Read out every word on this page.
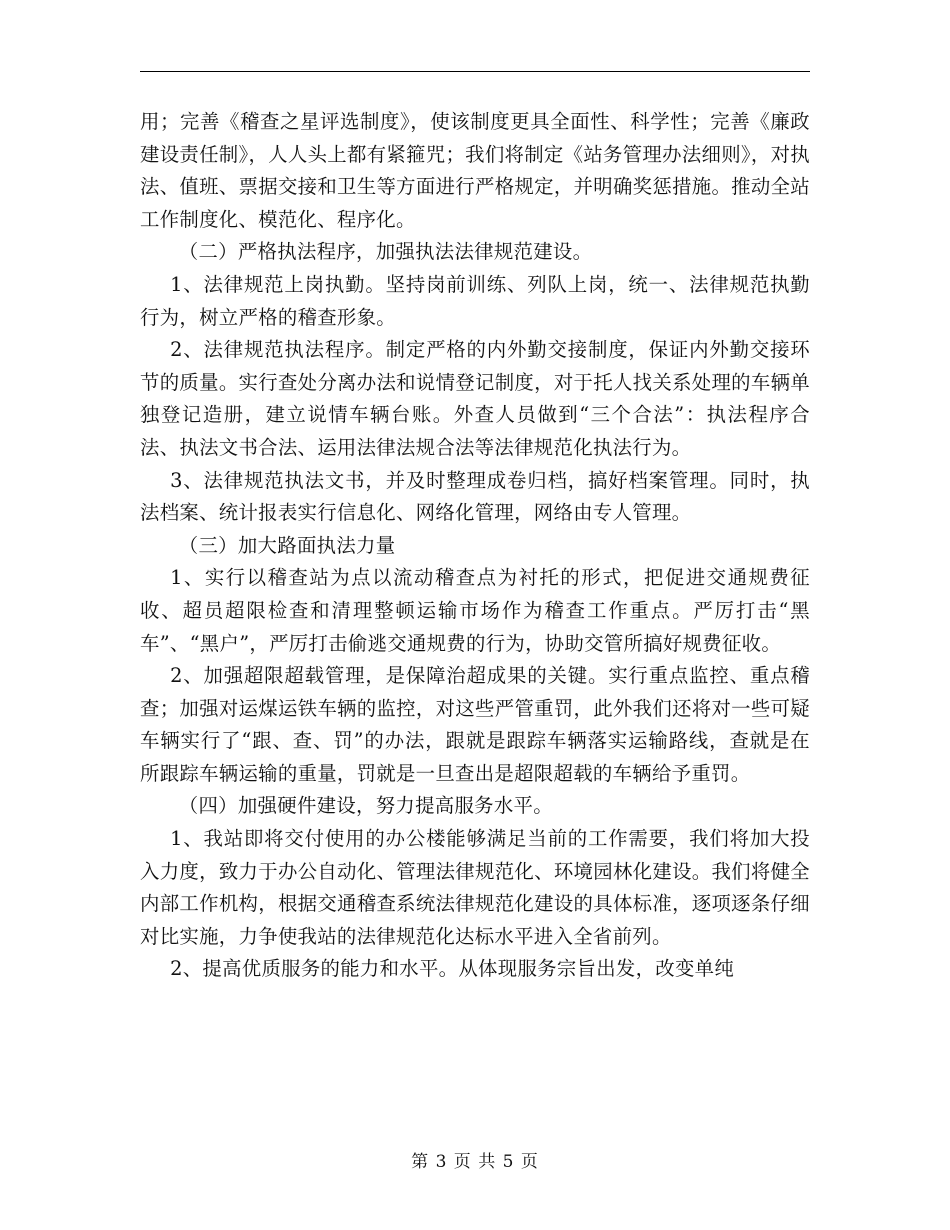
用；完善《稽查之星评选制度》，使该制度更具全面性、科学性；完善《廉政建设责任制》，人人头上都有紧箍咒；我们将制定《站务管理办法细则》，对执法、值班、票据交接和卫生等方面进行严格规定，并明确奖惩措施。推动全站工作制度化、模范化、程序化。

（二）严格执法程序，加强执法法律规范建设。

1、法律规范上岗执勤。坚持岗前训练、列队上岗，统一、法律规范执勤行为，树立严格的稽查形象。

2、法律规范执法程序。制定严格的内外勤交接制度，保证内外勤交接环节的质量。实行查处分离办法和说情登记制度，对于托人找关系处理的车辆单独登记造册，建立说情车辆台账。外查人员做到“三个合法”：执法程序合法、执法文书合法、运用法律法规合法等法律规范化执法行为。

3、法律规范执法文书，并及时整理成卷归档，搞好档案管理。同时，执法档案、统计报表实行信息化、网络化管理，网络由专人管理。

（三）加大路面执法力量

1、实行以稽查站为点以流动稽查点为衬托的形式，把促进交通规费征收、超员超限检查和清理整顿运输市场作为稽查工作重点。严厉打击“黑车”、“黑户”，严厉打击偷逃交通规费的行为，协助交管所搞好规费征收。

2、加强超限超载管理，是保障治超成果的关键。实行重点监控、重点稽查；加强对运煤运铁车辆的监控，对这些严管重罚，此外我们还将对一些可疑车辆实行了“跟、查、罚”的办法，跟就是跟踪车辆落实运输路线，查就是在所跟踪车辆运输的重量，罚就是一旦查出是超限超载的车辆给予重罚。

（四）加强硬件建设，努力提高服务水平。

1、我站即将交付使用的办公楼能够满足当前的工作需要，我们将加大投入力度，致力于办公自动化、管理法律规范化、环境园林化建设。我们将健全内部工作机构，根据交通稽查系统法律规范化建设的具体标准，逐项逐条仔细对比实施，力争使我站的法律规范化达标水平进入全省前列。

2、提高优质服务的能力和水平。从体现服务宗旨出发，改变单纯

第 3 页 共 5 页
